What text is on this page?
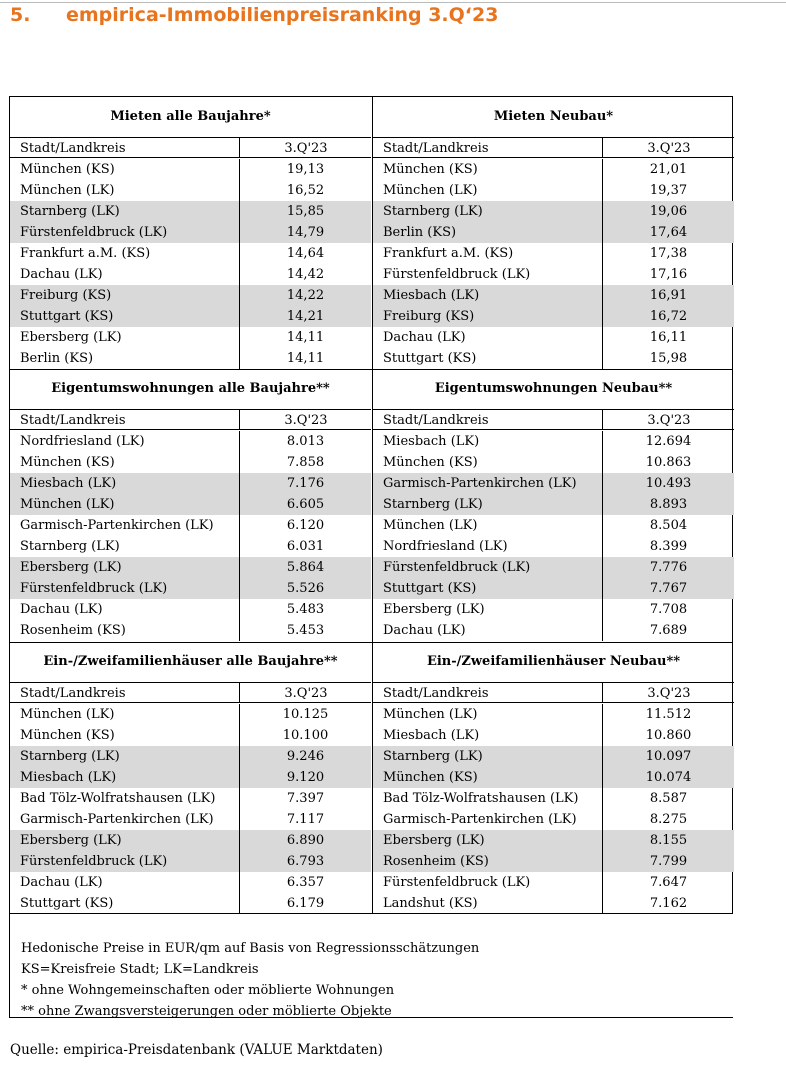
5. empirica-Immobilienpreisranking 3.Q‘23
Mieten alle Baujahre*
Stadt/Landkreis	3.Q'23
München (KS)	19,13
München (LK)	16,52
Starnberg (LK)	15,85
Fürstenfeldbruck (LK)	14,79
Frankfurt a.M. (KS)	14,64
Dachau (LK)	14,42
Freiburg (KS)	14,22
Stuttgart (KS)	14,21
Ebersberg (LK)	14,11
Berlin (KS)	14,11
Mieten Neubau*
Stadt/Landkreis	3.Q'23
München (KS)	21,01
München (LK)	19,37
Starnberg (LK)	19,06
Berlin (KS)	17,64
Frankfurt a.M. (KS)	17,38
Fürstenfeldbruck (LK)	17,16
Miesbach (LK)	16,91
Freiburg (KS)	16,72
Dachau (LK)	16,11
Stuttgart (KS)	15,98
Eigentumswohnungen alle Baujahre**
Stadt/Landkreis	3.Q'23
Nordfriesland (LK)	8.013
München (KS)	7.858
Miesbach (LK)	7.176
München (LK)	6.605
Garmisch-Partenkirchen (LK)	6.120
Starnberg (LK)	6.031
Ebersberg (LK)	5.864
Fürstenfeldbruck (LK)	5.526
Dachau (LK)	5.483
Rosenheim (KS)	5.453
Eigentumswohnungen Neubau**
Stadt/Landkreis	3.Q'23
Miesbach (LK)	12.694
München (KS)	10.863
Garmisch-Partenkirchen (LK)	10.493
Starnberg (LK)	8.893
München (LK)	8.504
Nordfriesland (LK)	8.399
Fürstenfeldbruck (LK)	7.776
Stuttgart (KS)	7.767
Ebersberg (LK)	7.708
Dachau (LK)	7.689
Ein-/Zweifamilienhäuser alle Baujahre**
Stadt/Landkreis	3.Q'23
München (LK)	10.125
München (KS)	10.100
Starnberg (LK)	9.246
Miesbach (LK)	9.120
Bad Tölz-Wolfratshausen (LK)	7.397
Garmisch-Partenkirchen (LK)	7.117
Ebersberg (LK)	6.890
Fürstenfeldbruck (LK)	6.793
Dachau (LK)	6.357
Stuttgart (KS)	6.179
Ein-/Zweifamilienhäuser Neubau**
Stadt/Landkreis	3.Q'23
München (LK)	11.512
Miesbach (LK)	10.860
Starnberg (LK)	10.097
München (KS)	10.074
Bad Tölz-Wolfratshausen (LK)	8.587
Garmisch-Partenkirchen (LK)	8.275
Ebersberg (LK)	8.155
Rosenheim (KS)	7.799
Fürstenfeldbruck (LK)	7.647
Landshut (KS)	7.162
Hedonische Preise in EUR/qm auf Basis von Regressionsschätzungen
KS=Kreisfreie Stadt; LK=Landkreis
* ohne Wohngemeinschaften oder möblierte Wohnungen
** ohne Zwangsversteigerungen oder möblierte Objekte
Quelle: empirica-Preisdatenbank (VALUE Marktdaten)
